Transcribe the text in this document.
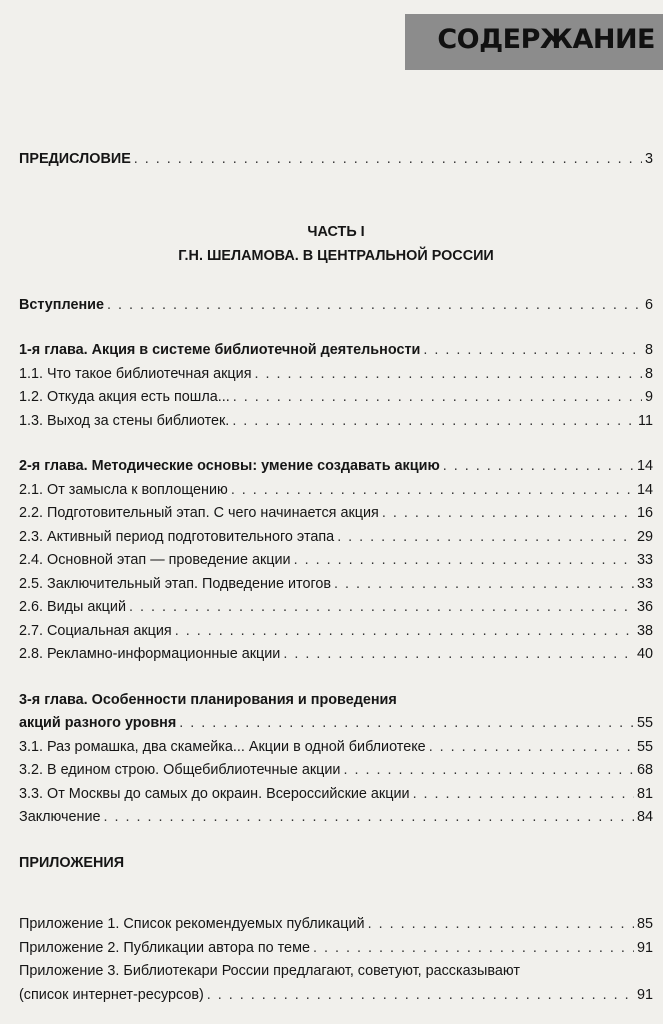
СОДЕРЖАНИЕ
ПРЕДИСЛОВИЕ . . .	3
ЧАСТЬ I
Г.Н. ШЕЛАМОВА. В ЦЕНТРАЛЬНОЙ РОССИИ
Вступление . . .	6
1-я глава. Акция в системе библиотечной деятельности . . .	8
1.1. Что такое библиотечная акция . . .	8
1.2. Откуда акция есть пошла... . . .	9
1.3. Выход за стены библиотек. . . .	11
2-я глава. Методические основы: умение создавать акцию . . .	14
2.1. От замысла к воплощению . . .	14
2.2. Подготовительный этап. С чего начинается акция . . .	16
2.3. Активный период подготовительного этапа . . .	29
2.4. Основной этап — проведение акции . . .	33
2.5. Заключительный этап. Подведение итогов . . .	33
2.6. Виды акций . . .	36
2.7. Социальная акция . . .	38
2.8. Рекламно-информационные акции . . .	40
3-я глава. Особенности планирования и проведения
акций разного уровня . . .	55
3.1. Раз ромашка, два скамейка... Акции в одной библиотеке . . .	55
3.2. В едином строю. Общебиблиотечные акции . . .	68
3.3. От Москвы до самых до окраин. Всероссийские акции . . .	81
Заключение . . .	84
ПРИЛОЖЕНИЯ
Приложение 1. Список рекомендуемых публикаций . . .	85
Приложение 2. Публикации автора по теме . . .	91
Приложение 3. Библиотекари России предлагают, советуют, рассказывают
(список интернет-ресурсов) . . .	91
